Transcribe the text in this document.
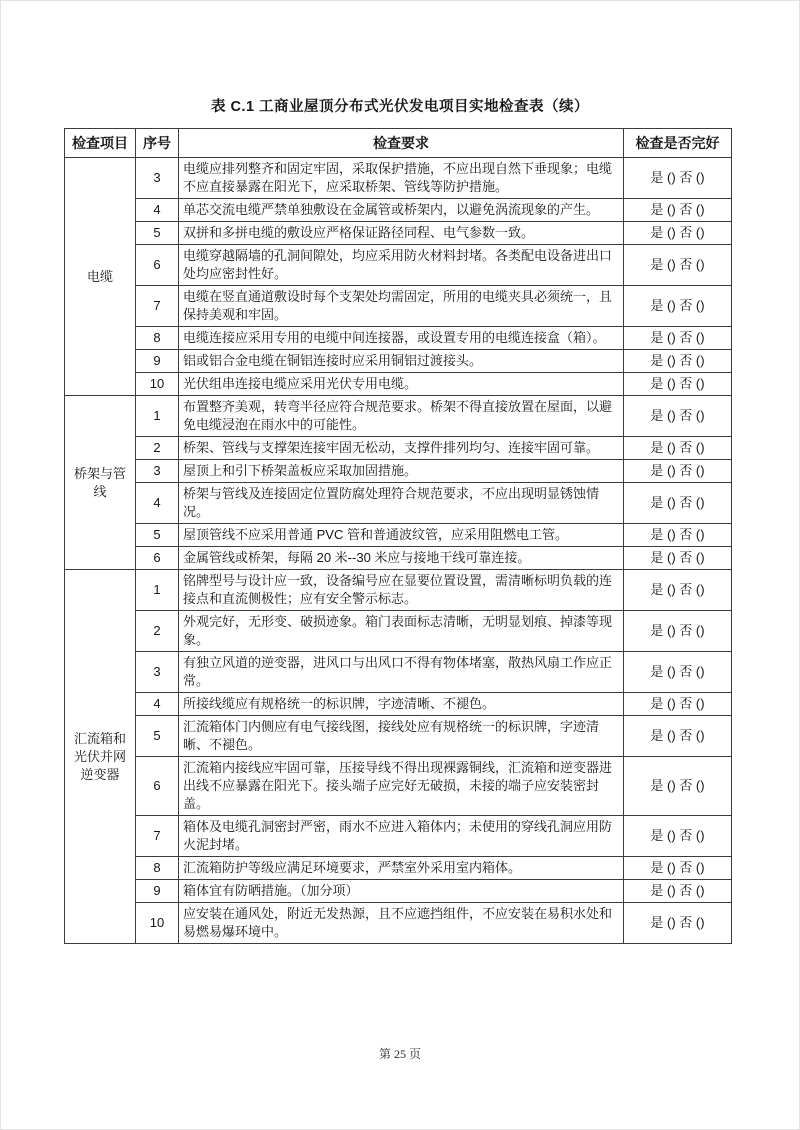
表 C.1 工商业屋顶分布式光伏发电项目实地检查表（续）
检查项目	序号	检查要求	检查是否完好
电缆	3	电缆应排列整齐和固定牢固，采取保护措施，不应出现自然下垂现象；电缆不应直接暴露在阳光下，应采取桥架、管线等防护措施。	是 () 否 ()
	4	单芯交流电缆严禁单独敷设在金属管或桥架内，以避免涡流现象的产生。	是 () 否 ()
	5	双拼和多拼电缆的敷设应严格保证路径同程、电气参数一致。	是 () 否 ()
	6	电缆穿越隔墙的孔洞间隙处，均应采用防火材料封堵。各类配电设备进出口处均应密封性好。	是 () 否 ()
	7	电缆在竖直通道敷设时每个支架处均需固定，所用的电缆夹具必须统一，且保持美观和牢固。	是 () 否 ()
	8	电缆连接应采用专用的电缆中间连接器，或设置专用的电缆连接盒（箱）。	是 () 否 ()
	9	铝或铝合金电缆在铜铝连接时应采用铜铝过渡接头。	是 () 否 ()
	10	光伏组串连接电缆应采用光伏专用电缆。	是 () 否 ()
桥架与管线	1	布置整齐美观，转弯半径应符合规范要求。桥架不得直接放置在屋面，以避免电缆浸泡在雨水中的可能性。	是 () 否 ()
	2	桥架、管线与支撑架连接牢固无松动，支撑件排列均匀、连接牢固可靠。	是 () 否 ()
	3	屋顶上和引下桥架盖板应采取加固措施。	是 () 否 ()
	4	桥架与管线及连接固定位置防腐处理符合规范要求，不应出现明显锈蚀情况。	是 () 否 ()
	5	屋顶管线不应采用普通 PVC 管和普通波纹管，应采用阻燃电工管。	是 () 否 ()
	6	金属管线或桥架，每隔 20 米--30 米应与接地干线可靠连接。	是 () 否 ()
汇流箱和光伏并网逆变器	1	铭牌型号与设计应一致，设备编号应在显要位置设置，需清晰标明负载的连接点和直流侧极性；应有安全警示标志。	是 () 否 ()
	2	外观完好，无形变、破损迹象。箱门表面标志清晰，无明显划痕、掉漆等现象。	是 () 否 ()
	3	有独立风道的逆变器，进风口与出风口不得有物体堵塞，散热风扇工作应正常。	是 () 否 ()
	4	所接线缆应有规格统一的标识牌，字迹清晰、不褪色。	是 () 否 ()
	5	汇流箱体门内侧应有电气接线图，接线处应有规格统一的标识牌，字迹清晰、不褪色。	是 () 否 ()
	6	汇流箱内接线应牢固可靠，压接导线不得出现裸露铜线，汇流箱和逆变器进出线不应暴露在阳光下。接头端子应完好无破损，未接的端子应安装密封盖。	是 () 否 ()
	7	箱体及电缆孔洞密封严密，雨水不应进入箱体内；未使用的穿线孔洞应用防火泥封堵。	是 () 否 ()
	8	汇流箱防护等级应满足环境要求，严禁室外采用室内箱体。	是 () 否 ()
	9	箱体宜有防晒措施。（加分项）	是 () 否 ()
	10	应安装在通风处，附近无发热源，且不应遮挡组件，不应安装在易积水处和易燃易爆环境中。	是 () 否 ()
第 25 页
